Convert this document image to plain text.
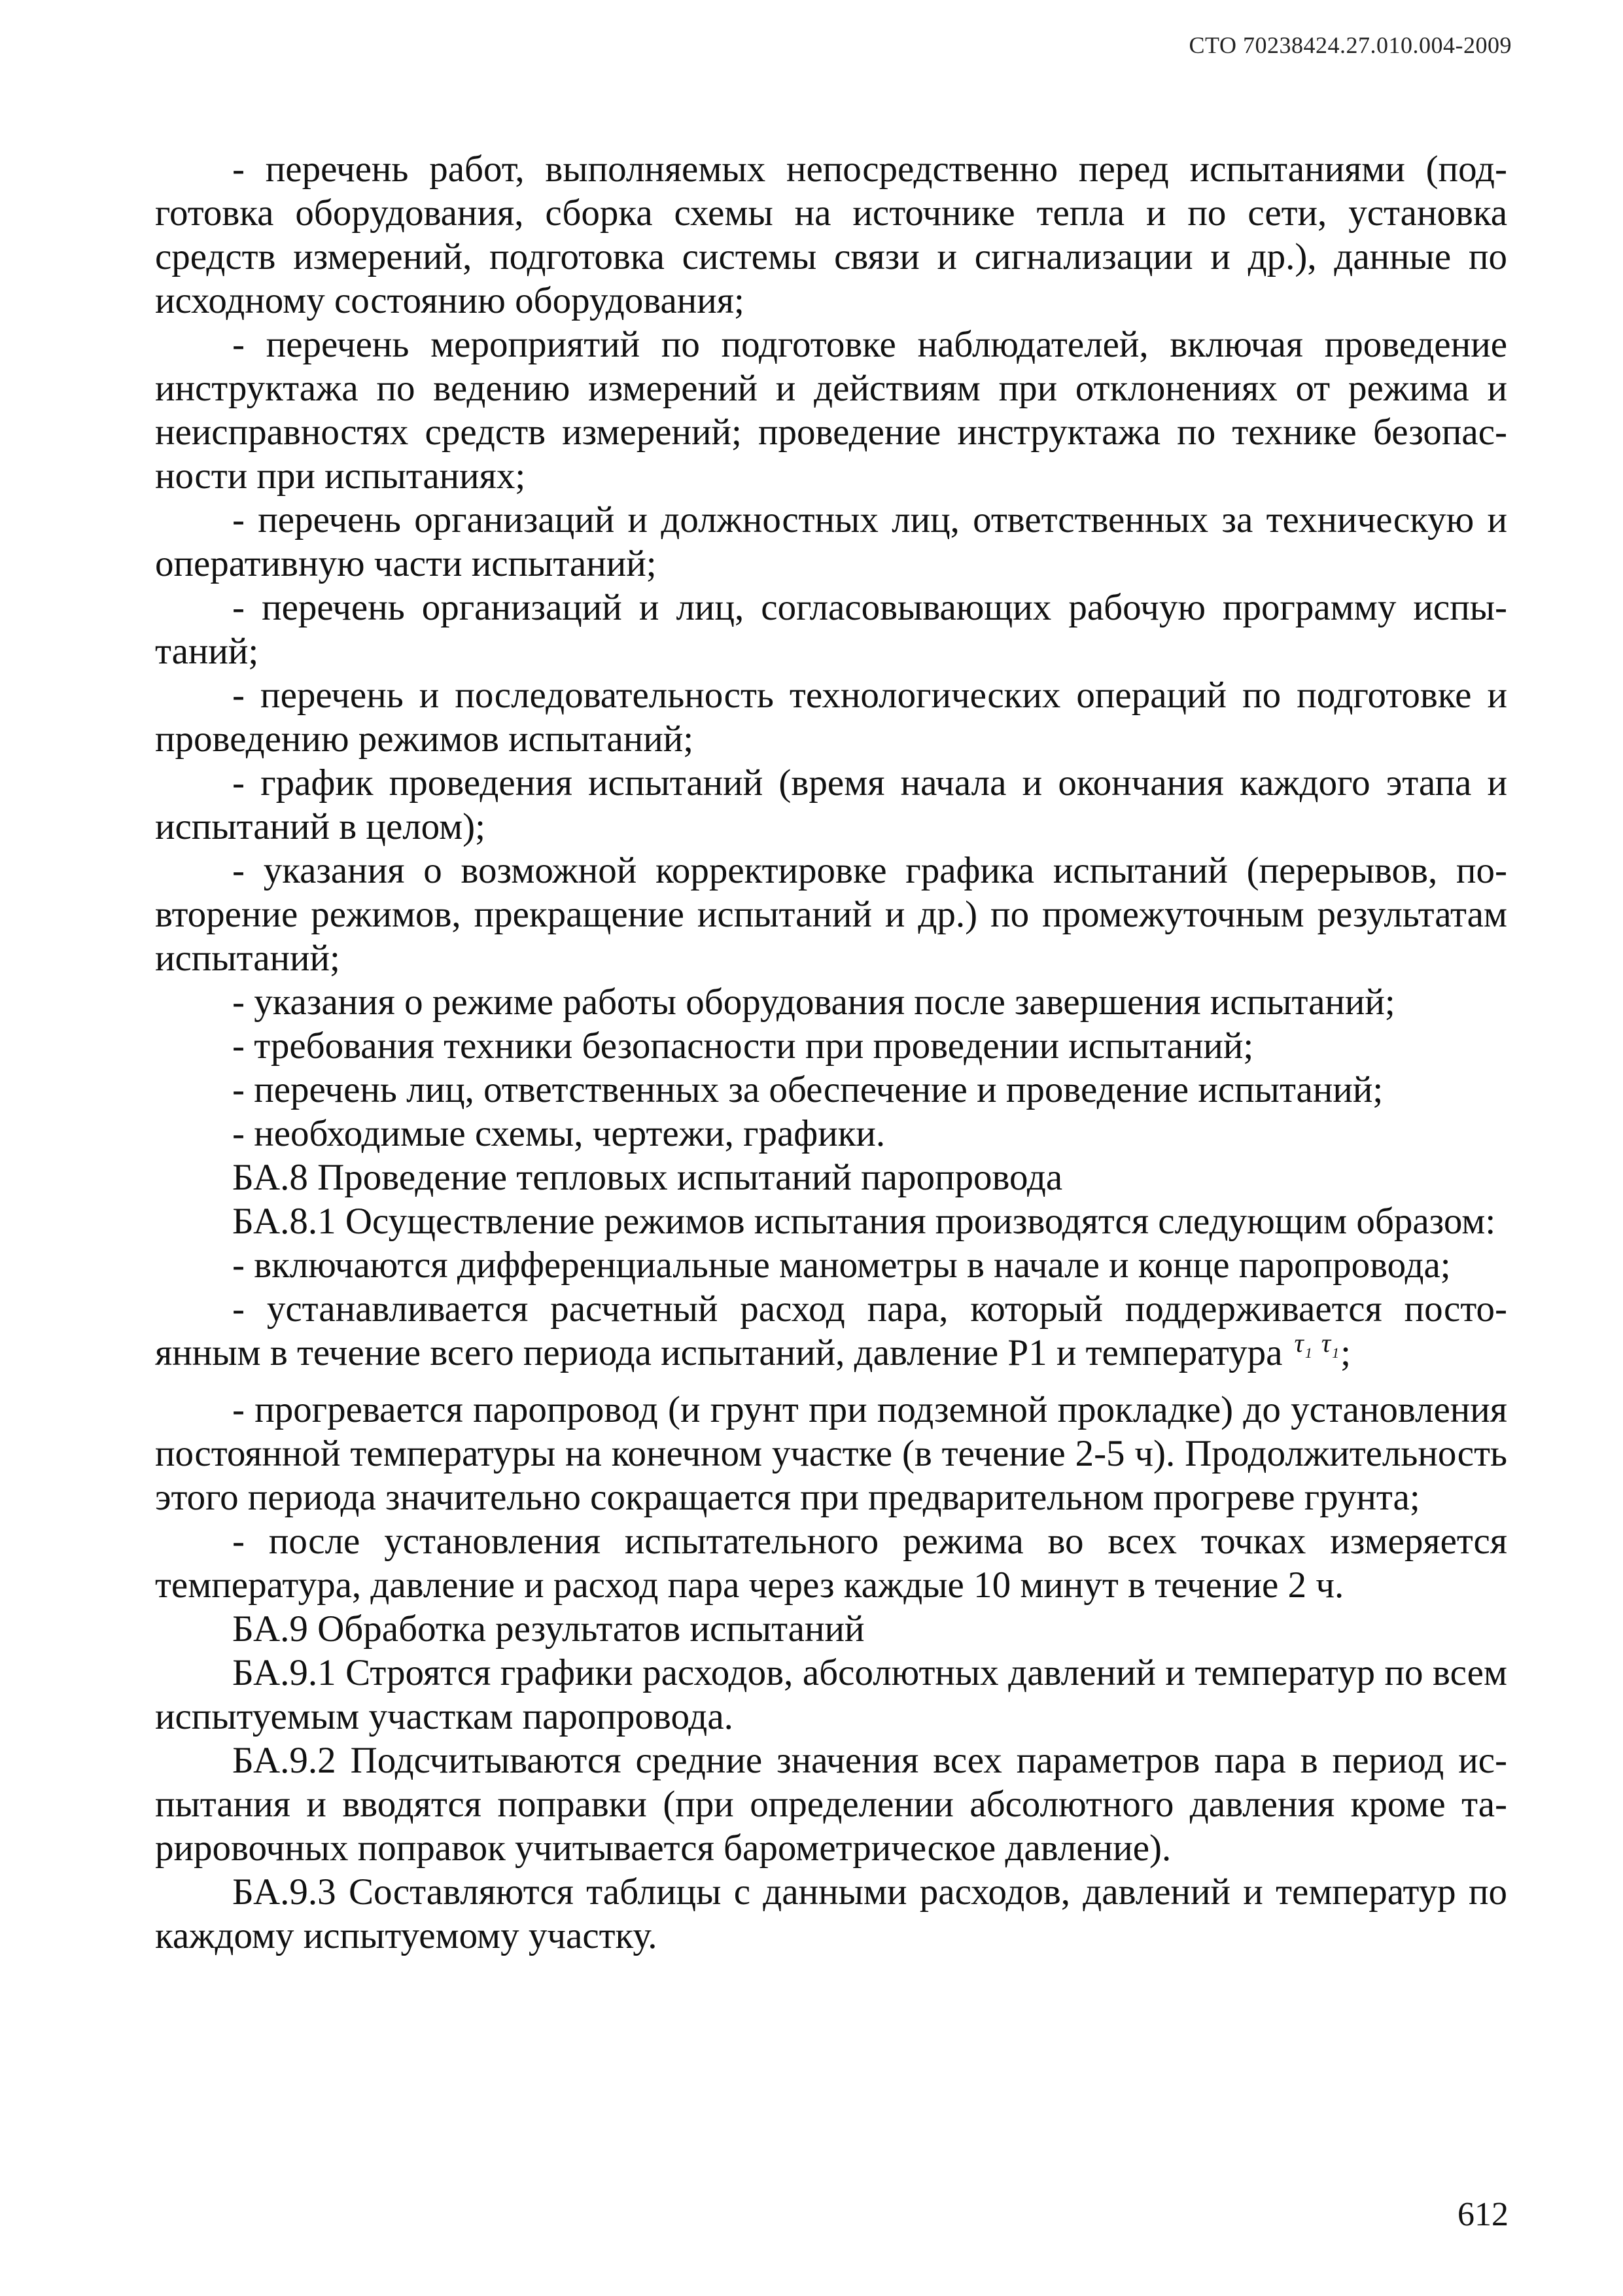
СТО 70238424.27.010.004-2009

- перечень работ, выполняемых непосредственно перед испытаниями (подготовка оборудования, сборка схемы на источнике тепла и по сети, установка средств измерений, подготовка системы связи и сигнализации и др.), данные по исходному состоянию оборудования;

- перечень мероприятий по подготовке наблюдателей, включая проведение инструктажа по ведению измерений и действиям при отклонениях от режима и неисправностях средств измерений; проведение инструктажа по технике безопасности при испытаниях;

- перечень организаций и должностных лиц, ответственных за техническую и оперативную части испытаний;

- перечень организаций и лиц, согласовывающих рабочую программу испытаний;

- перечень и последовательность технологических операций по подготовке и проведению режимов испытаний;

- график проведения испытаний (время начала и окончания каждого этапа и испытаний в целом);

- указания о возможной корректировке графика испытаний (перерывов, повторение режимов, прекращение испытаний и др.) по промежуточным результатам испытаний;

- указания о режиме работы оборудования после завершения испытаний;

- требования техники безопасности при проведении испытаний;

- перечень лиц, ответственных за обеспечение и проведение испытаний;

- необходимые схемы, чертежи, графики.

БА.8 Проведение тепловых испытаний паропровода

БА.8.1 Осуществление режимов испытания производятся следующим образом:

- включаются дифференциальные манометры в начале и конце паропровода;

- устанавливается расчетный расход пара, который поддерживается постоянным в течение всего периода испытаний, давление Р1 и температура $^{\tau_1 \tau_1}$;

- прогревается паропровод (и грунт при подземной прокладке) до установления постоянной температуры на конечном участке (в течение 2-5 ч). Продолжительность этого периода значительно сокращается при предварительном прогреве грунта;

- после установления испытательного режима во всех точках измеряется температура, давление и расход пара через каждые 10 минут в течение 2 ч.

БА.9 Обработка результатов испытаний

БА.9.1 Строятся графики расходов, абсолютных давлений и температур по всем испытуемым участкам паропровода.

БА.9.2 Подсчитываются средние значения всех параметров пара в период испытания и вводятся поправки (при определении абсолютного давления кроме тарировочных поправок учитывается барометрическое давление).

БА.9.3 Составляются таблицы с данными расходов, давлений и температур по каждому испытуемому участку.

612
